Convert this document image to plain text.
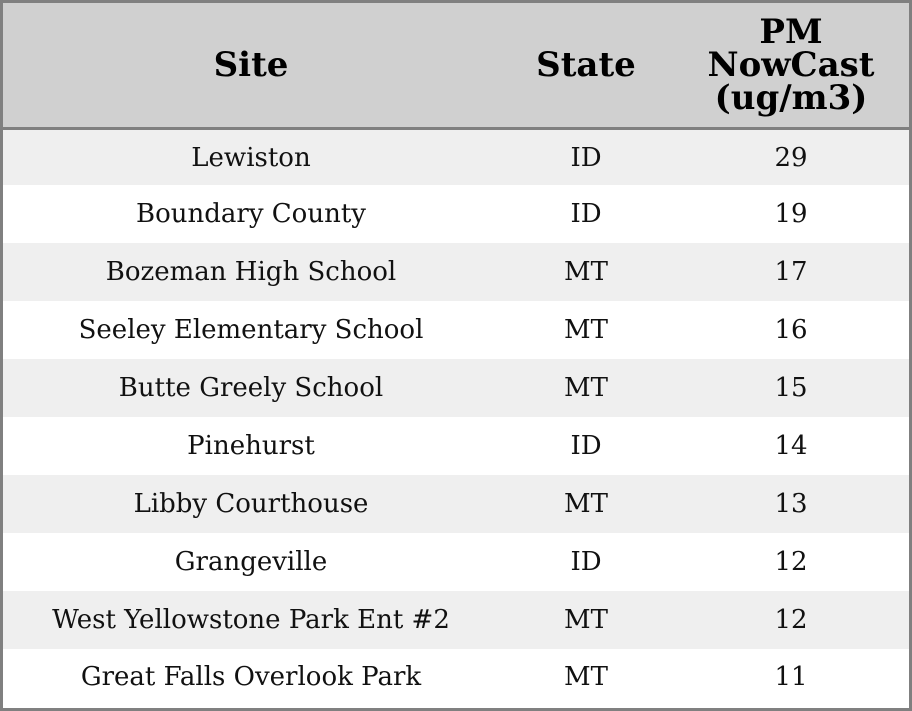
Site	State	PM
NowCast
(ug/m3)

Lewiston	ID	29
Boundary County	ID	19
Bozeman High School	MT	17
Seeley Elementary School	MT	16
Butte Greely School	MT	15
Pinehurst	ID	14
Libby Courthouse	MT	13
Grangeville	ID	12
West Yellowstone Park Ent #2	MT	12
Great Falls Overlook Park	MT	11
